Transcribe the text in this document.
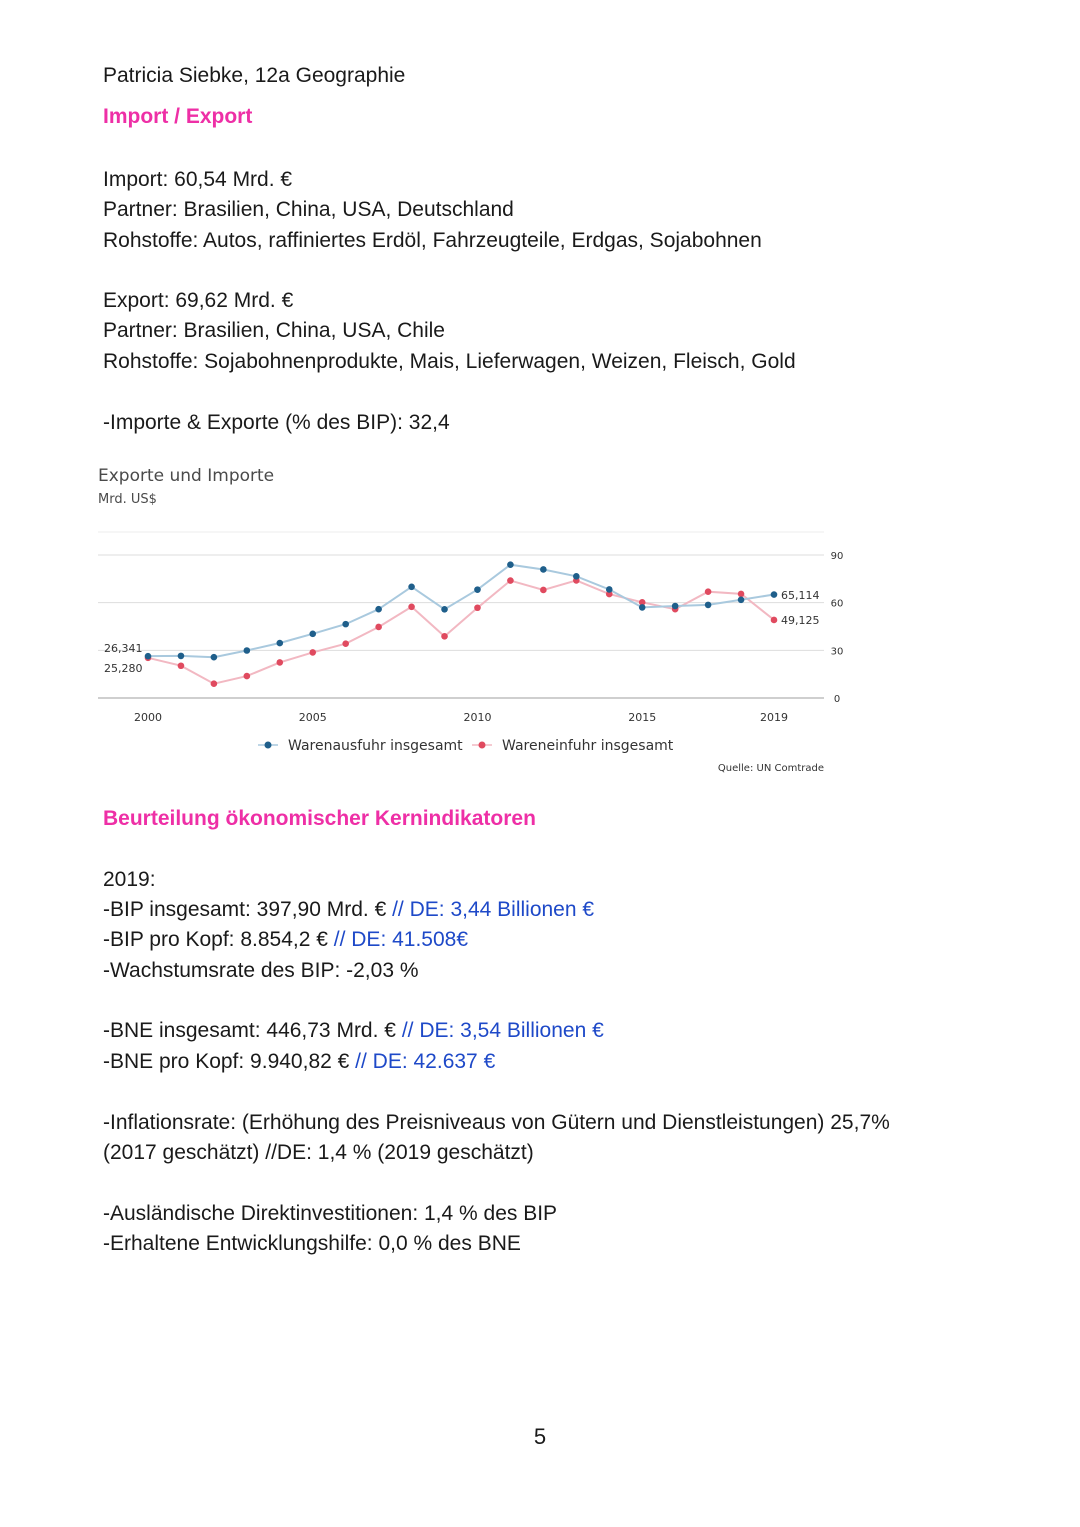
Patricia Siebke, 12a Geographie

Import / Export

Import: 60,54 Mrd. €

Partner: Brasilien, China, USA, Deutschland

Rohstoffe: Autos, raffiniertes Erdöl, Fahrzeugteile, Erdgas, Sojabohnen

Export: 69,62 Mrd. €

Partner: Brasilien, China, USA, Chile

Rohstoffe: Sojabohnenprodukte, Mais, Lieferwagen, Weizen, Fleisch, Gold

-Importe & Exporte (% des BIP): 32,4

Exporte und Importe
Mrd. US$
0
30
60
90
2000	2005	2010	2015	2019
26,341
25,280
65,114
49,125
Warenausfuhr insgesamt	Wareneinfuhr insgesamt
Quelle: UN Comtrade

Beurteilung ökonomischer Kernindikatoren

2019:

-BIP insgesamt: 397,90 Mrd. € // DE: 3,44 Billionen €

-BIP pro Kopf: 8.854,2 € // DE: 41.508€

-Wachstumsrate des BIP: -2,03 %

-BNE insgesamt: 446,73 Mrd. € // DE: 3,54 Billionen €

-BNE pro Kopf: 9.940,82 € // DE: 42.637 €

-Inflationsrate: (Erhöhung des Preisniveaus von Gütern und Dienstleistungen) 25,7%

(2017 geschätzt) //DE: 1,4 % (2019 geschätzt)

-Ausländische Direktinvestitionen: 1,4 % des BIP

-Erhaltene Entwicklungshilfe: 0,0 % des BNE

5
